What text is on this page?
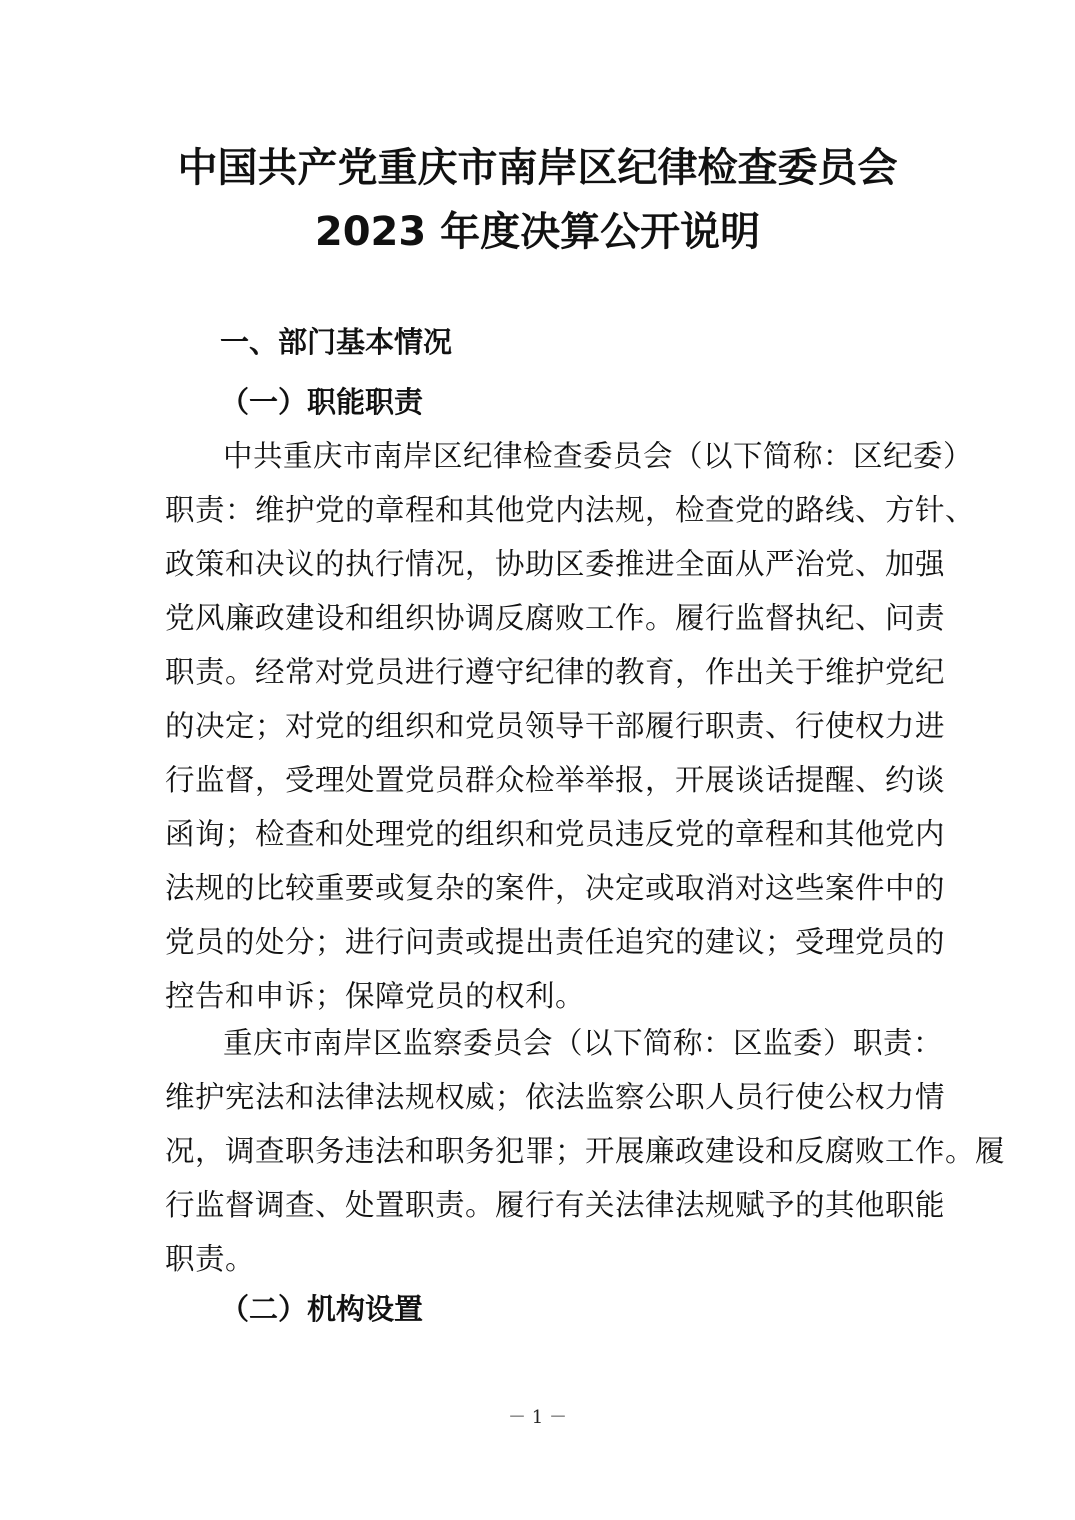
中国共产党重庆市南岸区纪律检查委员会
2023 年度决算公开说明
一、部门基本情况
（一）职能职责
中共重庆市南岸区纪律检查委员会（以下简称：区纪委）
职责：维护党的章程和其他党内法规，检查党的路线、方针、
政策和决议的执行情况，协助区委推进全面从严治党、加强
党风廉政建设和组织协调反腐败工作。履行监督执纪、问责
职责。经常对党员进行遵守纪律的教育，作出关于维护党纪
的决定；对党的组织和党员领导干部履行职责、行使权力进
行监督，受理处置党员群众检举举报，开展谈话提醒、约谈
函询；检查和处理党的组织和党员违反党的章程和其他党内
法规的比较重要或复杂的案件，决定或取消对这些案件中的
党员的处分；进行问责或提出责任追究的建议；受理党员的
控告和申诉；保障党员的权利。
重庆市南岸区监察委员会（以下简称：区监委）职责：
维护宪法和法律法规权威；依法监察公职人员行使公权力情
况，调查职务违法和职务犯罪；开展廉政建设和反腐败工作。履
行监督调查、处置职责。履行有关法律法规赋予的其他职能
职责。
（二）机构设置
－ 1 －
